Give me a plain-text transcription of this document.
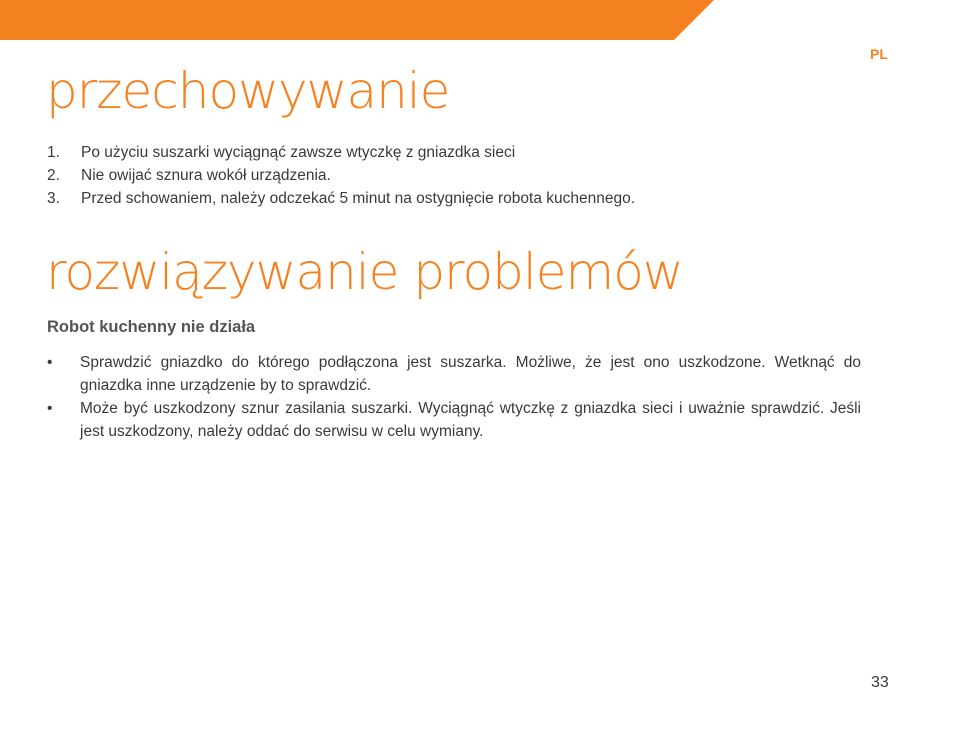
PL
przechowywanie
1.	Po użyciu suszarki wyciągnąć zawsze wtyczkę z gniazdka sieci
2.	Nie owijać sznura wokół urządzenia.
3.	Przed schowaniem, należy odczekać 5 minut na ostygnięcie robota kuchennego.
rozwiązywanie problemów
Robot kuchenny nie działa
•	Sprawdzić gniazdko do którego podłączona jest suszarka. Możliwe, że jest ono uszkodzone. Wetknąć do gniazdka inne urządzenie by to sprawdzić.
•	Może być uszkodzony sznur zasilania suszarki. Wyciągnąć wtyczkę z gniazdka sieci i uważnie sprawdzić. Jeśli jest uszkodzony, należy oddać do serwisu w celu wymiany.
33
